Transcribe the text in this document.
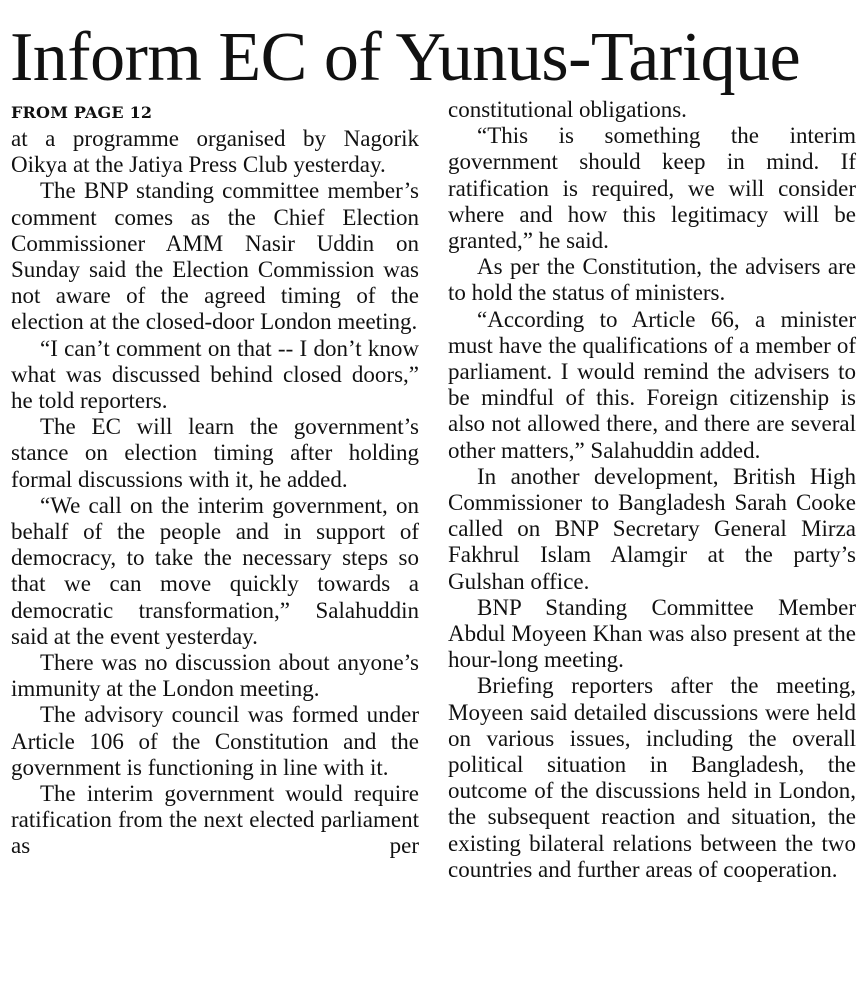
Inform EC of Yunus-Tarique
FROM PAGE 12

at a programme organised by Nagorik Oikya at the Jatiya Press Club yesterday.

The BNP standing committee member’s comment comes as the Chief Election Commissioner AMM Nasir Uddin on Sunday said the Election Commission was not aware of the agreed timing of the election at the closed-door London meeting.

“I can’t comment on that -- I don’t know what was discussed behind closed doors,” he told reporters.

The EC will learn the government’s stance on election timing after holding formal discussions with it, he added.

“We call on the interim government, on behalf of the people and in support of democracy, to take the necessary steps so that we can move quickly towards a democratic transformation,” Salahuddin said at the event yesterday.

There was no discussion about anyone’s immunity at the London meeting.

The advisory council was formed under Article 106 of the Constitution and the government is functioning in line with it.

The interim government would require ratification from the next elected parliament as per

constitutional obligations.

“This is something the interim government should keep in mind. If ratification is required, we will consider where and how this legitimacy will be granted,” he said.

As per the Constitution, the advisers are to hold the status of ministers.

“According to Article 66, a minister must have the qualifications of a member of parliament. I would remind the advisers to be mindful of this. Foreign citizenship is also not allowed there, and there are several other matters,” Salahuddin added.

In another development, British High Commissioner to Bangladesh Sarah Cooke called on BNP Secretary General Mirza Fakhrul Islam Alamgir at the party’s Gulshan office.

BNP Standing Committee Member Abdul Moyeen Khan was also present at the hour-long meeting.

Briefing reporters after the meeting, Moyeen said detailed discussions were held on various issues, including the overall political situation in Bangladesh, the outcome of the discussions held in London, the subsequent reaction and situation, the existing bilateral relations between the two countries and further areas of cooperation.
